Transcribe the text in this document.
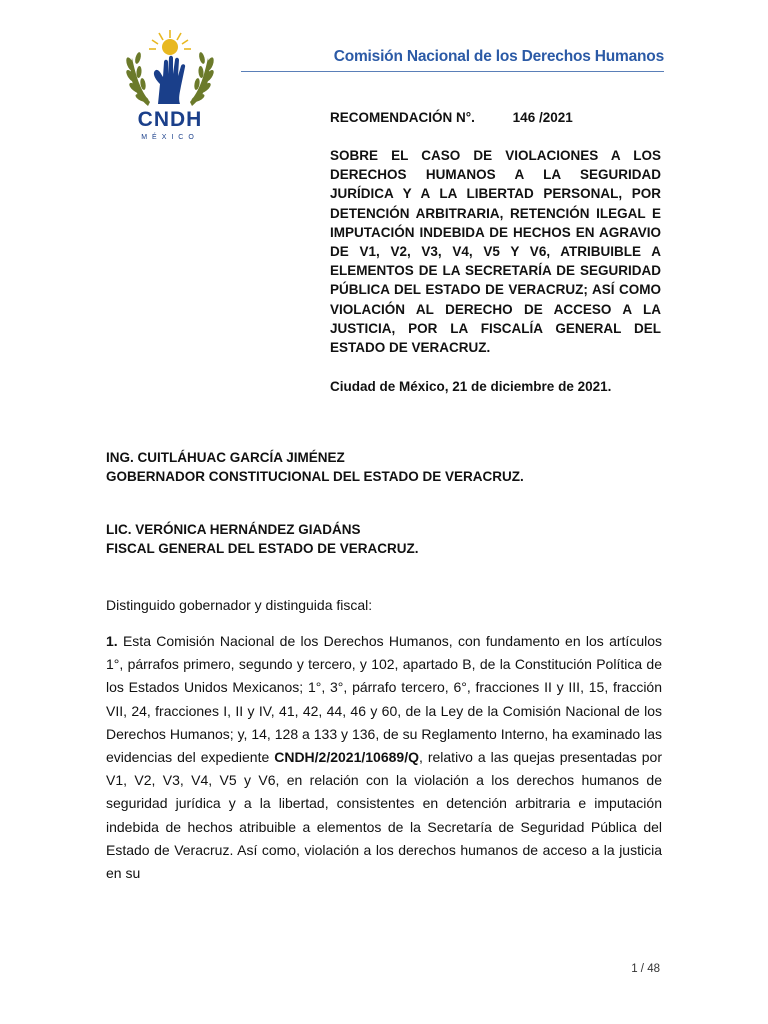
CNDH
MÉXICO
Comisión Nacional de los Derechos Humanos
RECOMENDACIÓN N°.	146 /2021

SOBRE EL CASO DE VIOLACIONES A LOS DERECHOS HUMANOS A LA SEGURIDAD JURÍDICA Y A LA LIBERTAD PERSONAL, POR DETENCIÓN ARBITRARIA, RETENCIÓN ILEGAL E IMPUTACIÓN INDEBIDA DE HECHOS EN AGRAVIO DE V1, V2, V3, V4, V5 Y V6, ATRIBUIBLE A ELEMENTOS DE LA SECRETARÍA DE SEGURIDAD PÚBLICA DEL ESTADO DE VERACRUZ; ASÍ COMO VIOLACIÓN AL DERECHO DE ACCESO A LA JUSTICIA, POR LA FISCALÍA GENERAL DEL ESTADO DE VERACRUZ.

Ciudad de México, 21 de diciembre de 2021.
ING. CUITLÁHUAC GARCÍA JIMÉNEZ
GOBERNADOR CONSTITUCIONAL DEL ESTADO DE VERACRUZ.
LIC. VERÓNICA HERNÁNDEZ GIADÁNS
FISCAL GENERAL DEL ESTADO DE VERACRUZ.
Distinguido gobernador y distinguida fiscal:

1. Esta Comisión Nacional de los Derechos Humanos, con fundamento en los artículos 1°, párrafos primero, segundo y tercero, y 102, apartado B, de la Constitución Política de los Estados Unidos Mexicanos; 1°, 3°, párrafo tercero, 6°, fracciones II y III, 15, fracción VII, 24, fracciones I, II y IV, 41, 42, 44, 46 y 60, de la Ley de la Comisión Nacional de los Derechos Humanos; y, 14, 128 a 133 y 136, de su Reglamento Interno, ha examinado las evidencias del expediente CNDH/2/2021/10689/Q, relativo a las quejas presentadas por V1, V2, V3, V4, V5 y V6, en relación con la violación a los derechos humanos de seguridad jurídica y a la libertad, consistentes en detención arbitraria e imputación indebida de hechos atribuible a elementos de la Secretaría de Seguridad Pública del Estado de Veracruz. Así como, violación a los derechos humanos de acceso a la justicia en su

1 / 48
